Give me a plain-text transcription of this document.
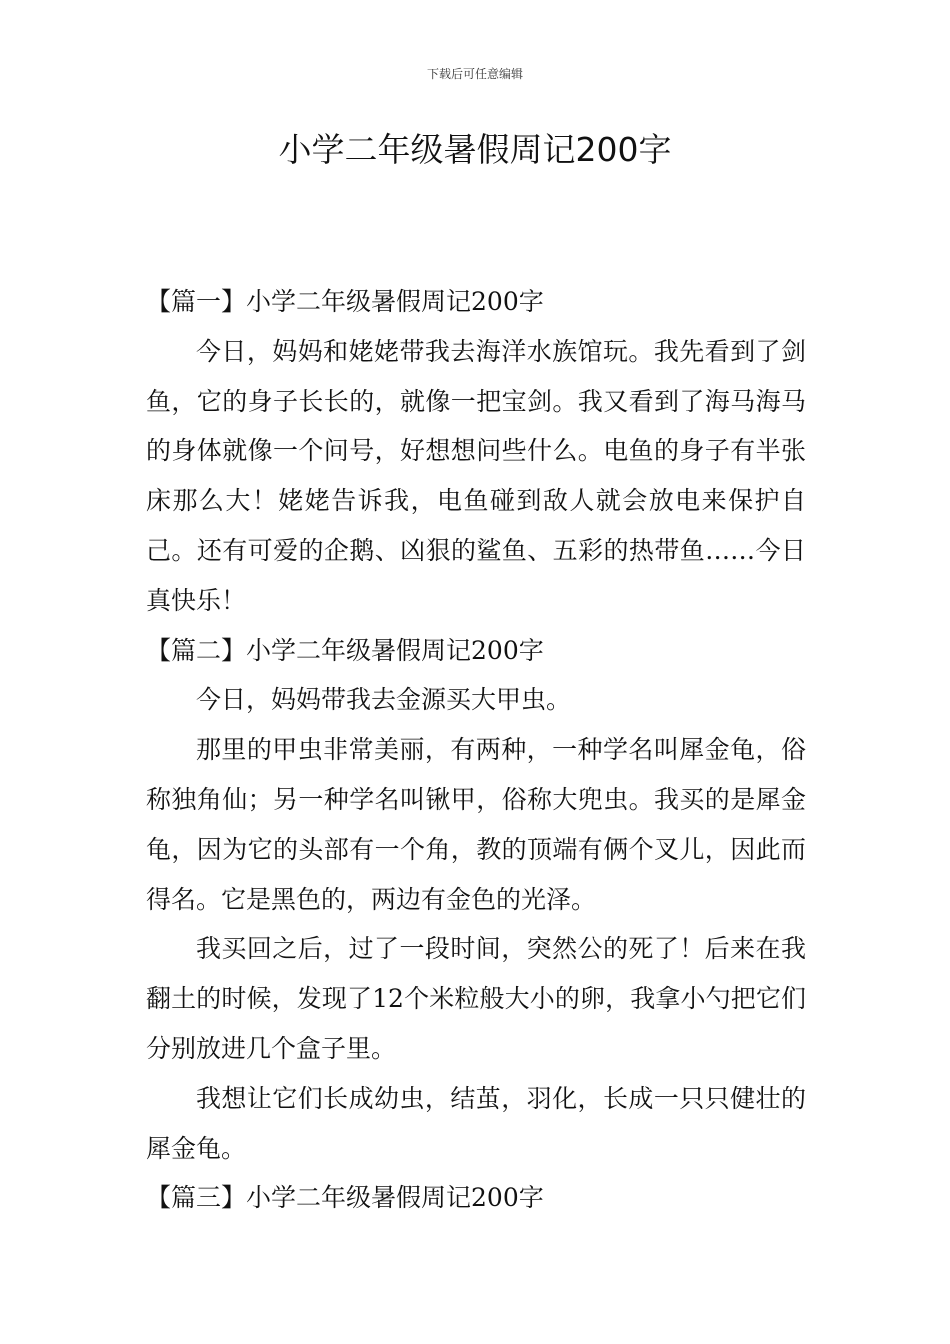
下载后可任意编辑
小学二年级暑假周记200字

【篇一】小学二年级暑假周记200字

今日，妈妈和姥姥带我去海洋水族馆玩。我先看到了剑鱼，它的身子长长的，就像一把宝剑。我又看到了海马海马的身体就像一个问号，好想想问些什么。电鱼的身子有半张床那么大！姥姥告诉我，电鱼碰到敌人就会放电来保护自己。还有可爱的企鹅、凶狠的鲨鱼、五彩的热带鱼……今日真快乐！

【篇二】小学二年级暑假周记200字

今日，妈妈带我去金源买大甲虫。

那里的甲虫非常美丽，有两种，一种学名叫犀金龟，俗称独角仙；另一种学名叫锹甲，俗称大兜虫。我买的是犀金龟，因为它的头部有一个角，教的顶端有俩个叉儿，因此而得名。它是黑色的，两边有金色的光泽。

我买回之后，过了一段时间，突然公的死了！后来在我翻土的时候，发现了12个米粒般大小的卵，我拿小勺把它们分别放进几个盒子里。

我想让它们长成幼虫，结茧，羽化，长成一只只健壮的犀金龟。

【篇三】小学二年级暑假周记200字
